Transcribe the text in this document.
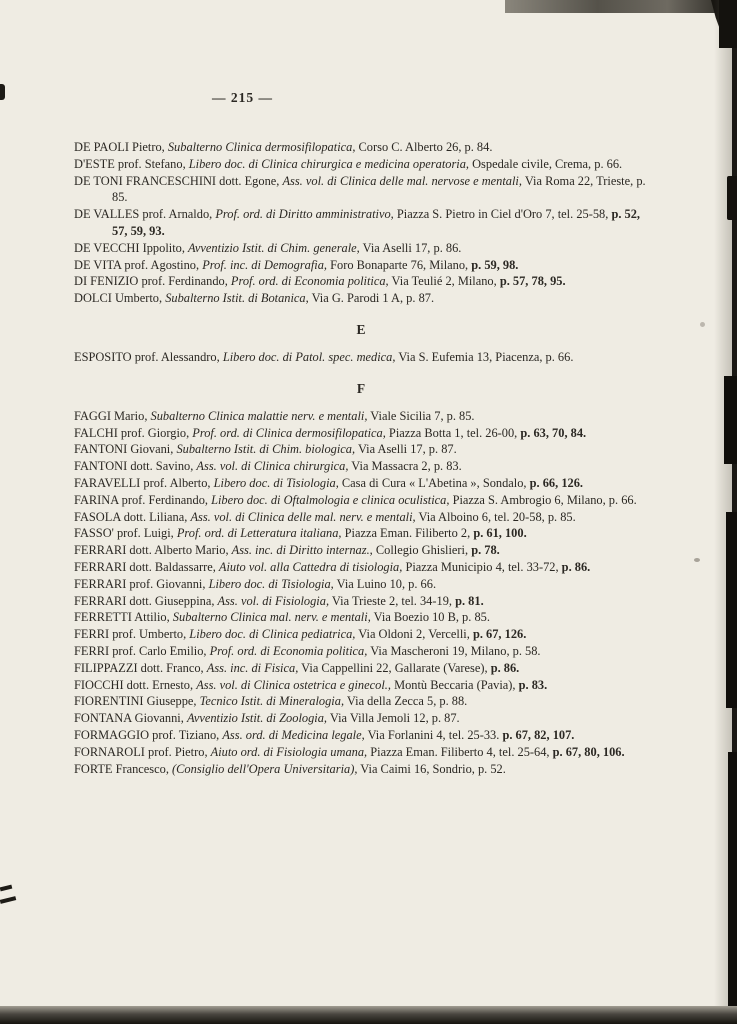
— 215 —

DE PAOLI Pietro, Subalterno Clinica dermosifilopatica, Corso C. Alberto 26, p. 84.

D'ESTE prof. Stefano, Libero doc. di Clinica chirurgica e medicina operatoria, Ospedale civile, Crema, p. 66.

DE TONI FRANCESCHINI dott. Egone, Ass. vol. di Clinica delle mal. nervose e mentali, Via Roma 22, Trieste, p. 85.

DE VALLES prof. Arnaldo, Prof. ord. di Diritto amministrativo, Piazza S. Pietro in Ciel d'Oro 7, tel. 25-58, p. 52, 57, 59, 93.

DE VECCHI Ippolito, Avventizio Istit. di Chim. generale, Via Aselli 17, p. 86.

DE VITA prof. Agostino, Prof. inc. di Demografia, Foro Bonaparte 76, Milano, p. 59, 98.

DI FENIZIO prof. Ferdinando, Prof. ord. di Economia politica, Via Teulié 2, Milano, p. 57, 78, 95.

DOLCI Umberto, Subalterno Istit. di Botanica, Via G. Parodi 1 A, p. 87.

E

ESPOSITO prof. Alessandro, Libero doc. di Patol. spec. medica, Via S. Eufemia 13, Piacenza, p. 66.

F

FAGGI Mario, Subalterno Clinica malattie nerv. e mentali, Viale Sicilia 7, p. 85.

FALCHI prof. Giorgio, Prof. ord. di Clinica dermosifilopatica, Piazza Botta 1, tel. 26-00, p. 63, 70, 84.

FANTONI Giovani, Subalterno Istit. di Chim. biologica, Via Aselli 17, p. 87.

FANTONI dott. Savino, Ass. vol. di Clinica chirurgica, Via Massacra 2, p. 83.

FARAVELLI prof. Alberto, Libero doc. di Tisiologia, Casa di Cura « L'Abetina », Sondalo, p. 66, 126.

FARINA prof. Ferdinando, Libero doc. di Oftalmologia e clinica oculistica, Piazza S. Ambrogio 6, Milano, p. 66.

FASOLA dott. Liliana, Ass. vol. di Clinica delle mal. nerv. e mentali, Via Alboino 6, tel. 20-58, p. 85.

FASSO' prof. Luigi, Prof. ord. di Letteratura italiana, Piazza Eman. Filiberto 2, p. 61, 100.

FERRARI dott. Alberto Mario, Ass. inc. di Diritto internaz., Collegio Ghislieri, p. 78.

FERRARI dott. Baldassarre, Aiuto vol. alla Cattedra di tisiologia, Piazza Municipio 4, tel. 33-72, p. 86.

FERRARI prof. Giovanni, Libero doc. di Tisiologia, Via Luino 10, p. 66.

FERRARI dott. Giuseppina, Ass. vol. di Fisiologia, Via Trieste 2, tel. 34-19, p. 81.

FERRETTI Attilio, Subalterno Clinica mal. nerv. e mentali, Via Boezio 10 B, p. 85.

FERRI prof. Umberto, Libero doc. di Clinica pediatrica, Via Oldoni 2, Vercelli, p. 67, 126.

FERRI prof. Carlo Emilio, Prof. ord. di Economia politica, Via Mascheroni 19, Milano, p. 58.

FILIPPAZZI dott. Franco, Ass. inc. di Fisica, Via Cappellini 22, Gallarate (Varese), p. 86.

FIOCCHI dott. Ernesto, Ass. vol. di Clinica ostetrica e ginecol., Montù Beccaria (Pavia), p. 83.

FIORENTINI Giuseppe, Tecnico Istit. di Mineralogia, Via della Zecca 5, p. 88.

FONTANA Giovanni, Avventizio Istit. di Zoologia, Via Villa Jemoli 12, p. 87.

FORMAGGIO prof. Tiziano, Ass. ord. di Medicina legale, Via Forlanini 4, tel. 25-33. p. 67, 82, 107.

FORNAROLI prof. Pietro, Aiuto ord. di Fisiologia umana, Piazza Eman. Filiberto 4, tel. 25-64, p. 67, 80, 106.

FORTE Francesco, (Consiglio dell'Opera Universitaria), Via Caimi 16, Sondrio, p. 52.
